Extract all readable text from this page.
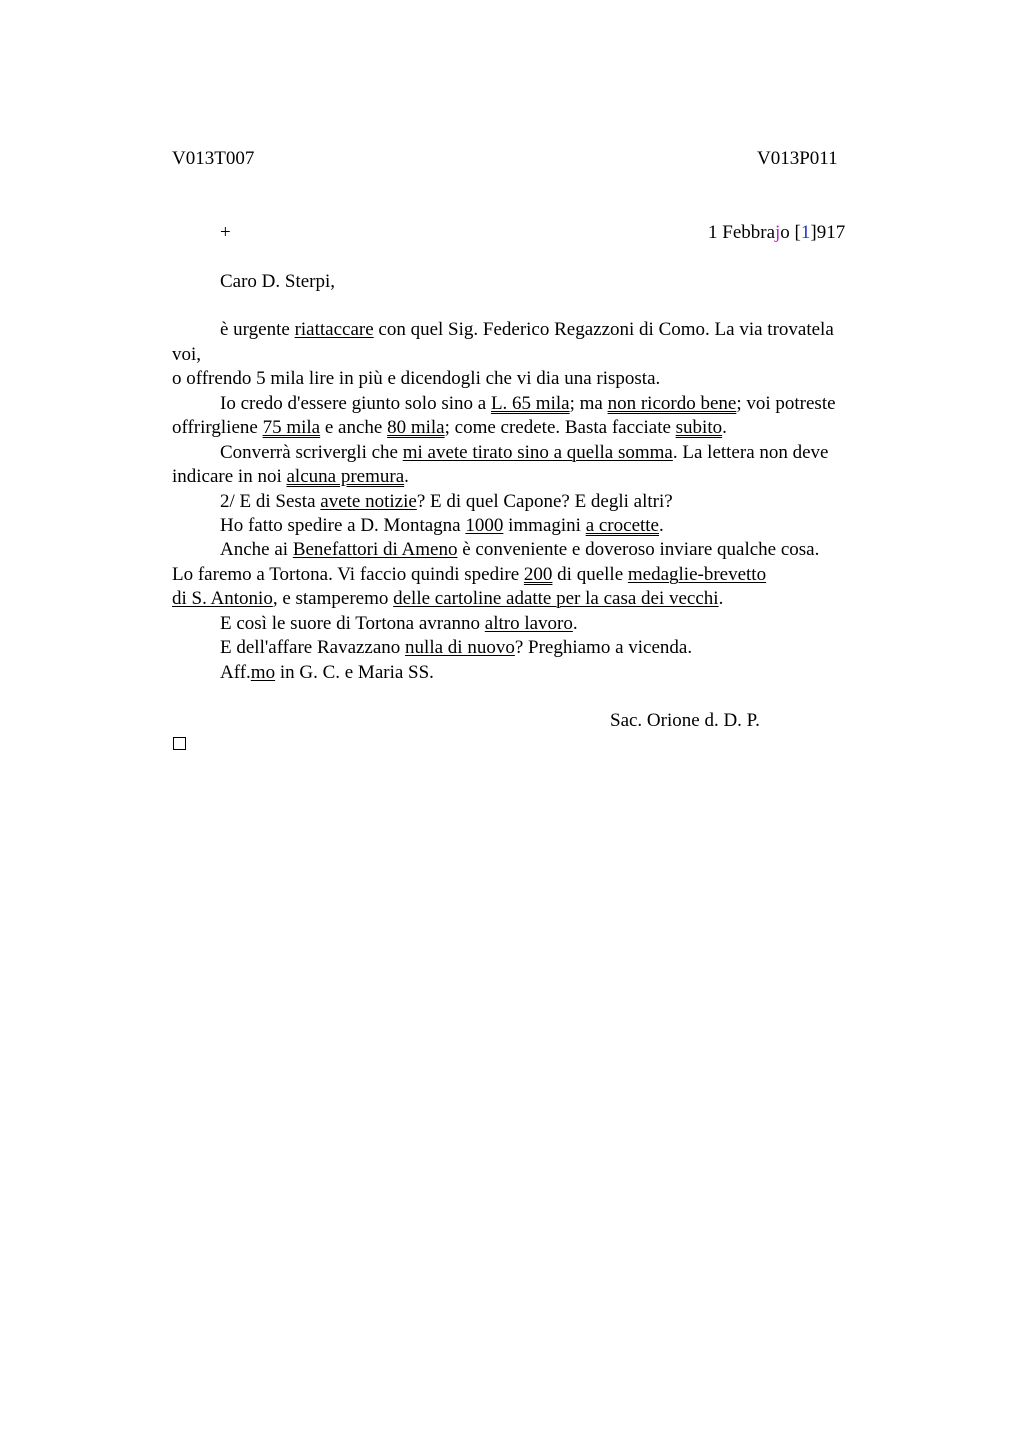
V013T007	V013P011
+	1 Febbrajo [1]917
Caro D. Sterpi,
è urgente riattaccare con quel Sig. Federico Regazzoni di Como. La via trovatela
voi,
o offrendo 5 mila lire in più e dicendogli che vi dia una risposta.
Io credo d'essere giunto solo sino a L. 65 mila; ma non ricordo bene; voi potreste
offrirgliene 75 mila e anche 80 mila; come credete. Basta facciate subito.
Converrà scrivergli che mi avete tirato sino a quella somma. La lettera non deve
indicare in noi alcuna premura.
2/ E di Sesta avete notizie? E di quel Capone? E degli altri?
Ho fatto spedire a D. Montagna 1000 immagini a crocette.
Anche ai Benefattori di Ameno è conveniente e doveroso inviare qualche cosa.
Lo faremo a Tortona. Vi faccio quindi spedire 200 di quelle medaglie-brevetto
di S. Antonio, e stamperemo delle cartoline adatte per la casa dei vecchi.
E così le suore di Tortona avranno altro lavoro.
E dell'affare Ravazzano nulla di nuovo? Preghiamo a vicenda.
Aff.mo in G. C. e Maria SS.
Sac. Orione d. D. P.
